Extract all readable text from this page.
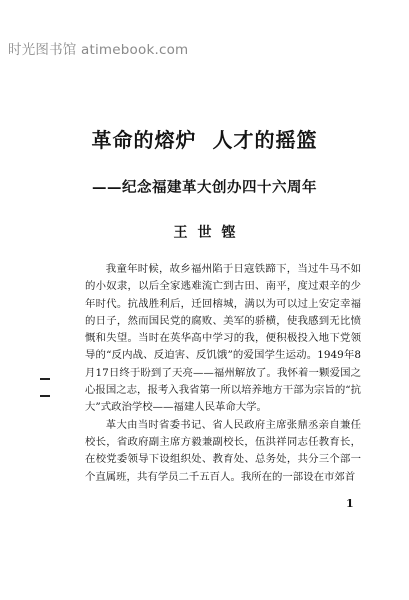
时光图书馆 atimebook.com
革命的熔炉 人才的摇篮
——纪念福建革大创办四十六周年
王世铿

我童年时候，故乡福州陷于日寇铁蹄下，当过牛马不如的小奴隶，以后全家逃难流亡到古田、南平，度过艰辛的少年时代。抗战胜利后，迁回榕城，满以为可以过上安定幸福的日子，然而国民党的腐败、美军的骄横，使我感到无比愤慨和失望。当时在英华高中学习的我，便积极投入地下党领导的“反内战、反迫害、反饥饿”的爱国学生运动。1949年8月17日终于盼到了天亮——福州解放了。我怀着一颗爱国之心报国之志，报考入我省第一所以培养地方干部为宗旨的“抗大”式政治学校——福建人民革命大学。

革大由当时省委书记、省人民政府主席张鼎丞亲自兼任校长，省政府副主席方毅兼副校长，伍洪祥同志任教育长，在校党委领导下设组织处、教育处、总务处，共分三个部一个直属班，共有学员二千五百人。我所在的一部设在市郊首

1
